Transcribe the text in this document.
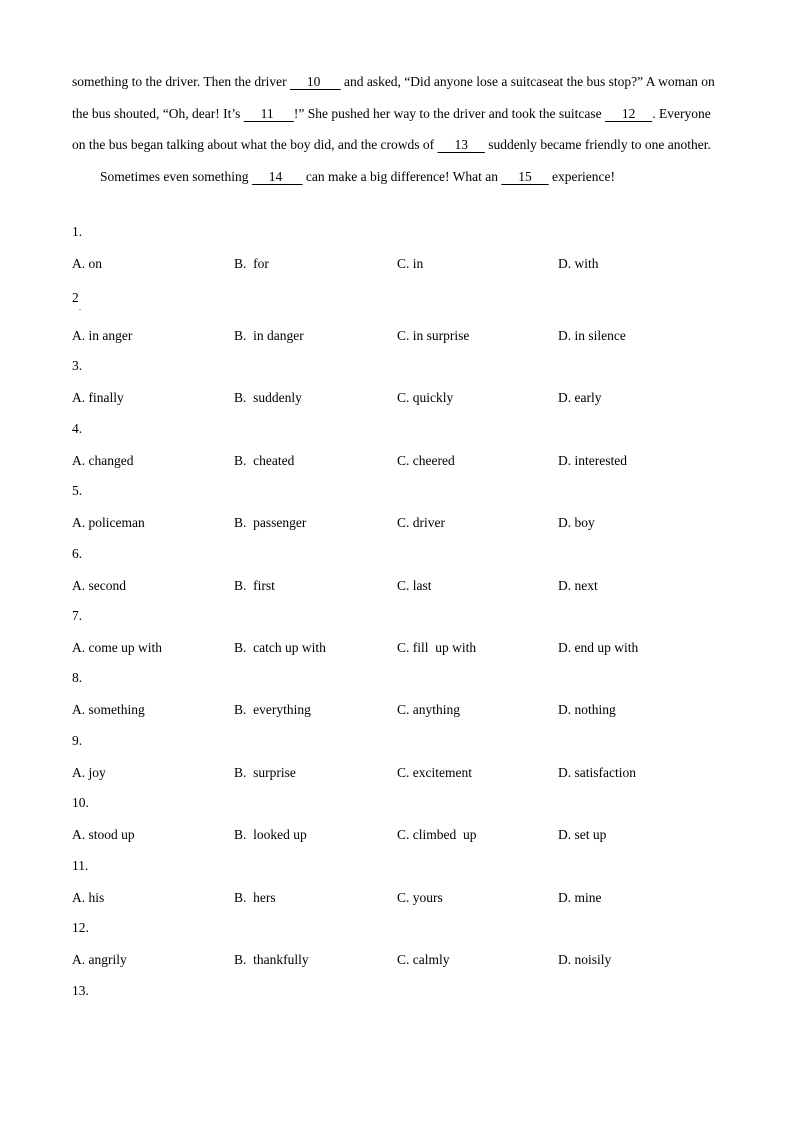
something to the driver. Then the driver      10       and asked, “Did anyone lose a suitcaseat the bus stop?” A woman on the bus shouted, “Oh, dear! It’s      11      !” She pushed her way to the driver and took the suitcase      12     . Everyone on the bus began talking about what the boy did, and the crowds of      13      suddenly became friendly to one another.

Sometimes even something      14       can make a big difference! What an      15      experience!

1.
A. on	B.  for	C. in	D. with
2
A. in anger	B.  in danger	C. in surprise	D. in silence
3.
A. finally	B.  suddenly	C. quickly	D. early
4.
A. changed	B.  cheated	C. cheered	D. interested
5.
A. policeman	B.  passenger	C. driver	D. boy
6.
A. second	B.  first	C. last	D. next
7.
A. come up with	B.  catch up with	C. fill  up with	D. end up with
8.
A. something	B.  everything	C. anything	D. nothing
9.
A. joy	B.  surprise	C. excitement	D. satisfaction
10.
A. stood up	B.  looked up	C. climbed  up	D. set up
11.
A. his	B.  hers	C. yours	D. mine
12.
A. angrily	B.  thankfully	C. calmly	D. noisily
13.
.
